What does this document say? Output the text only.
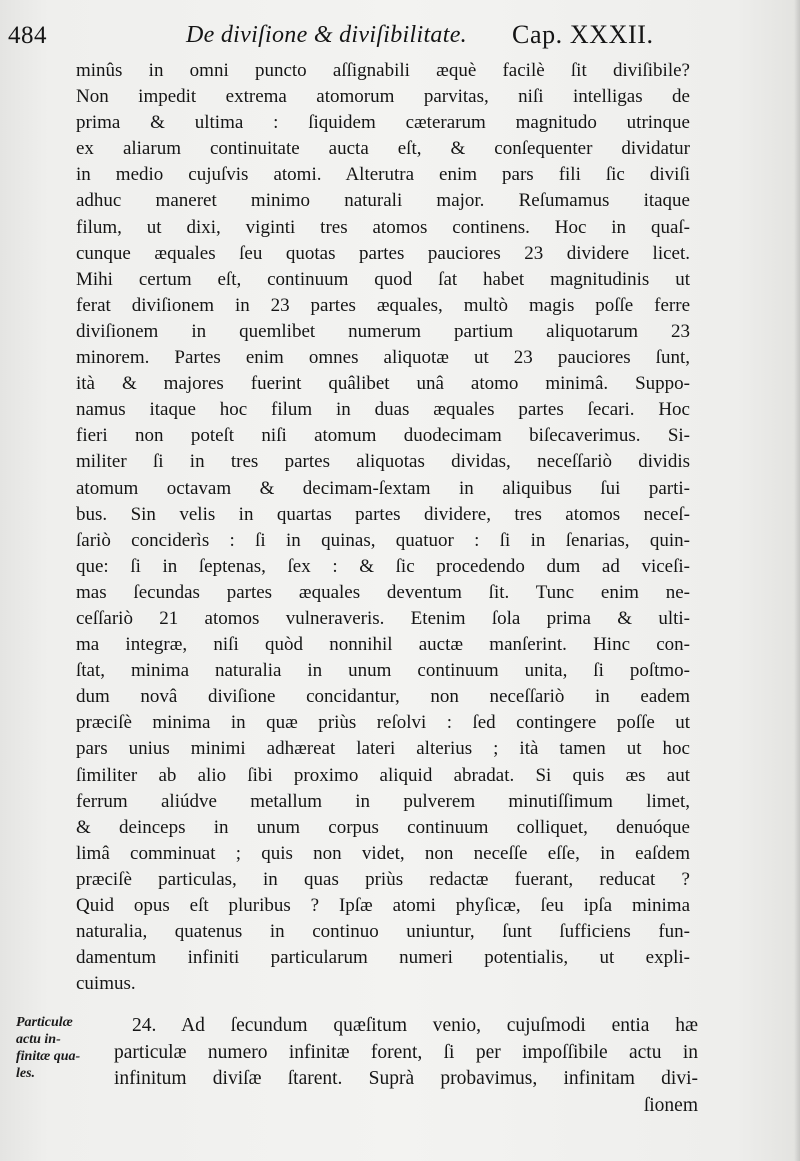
484	De diviſione & diviſibilitate. Cap. XXXII.
minûs in omni puncto aſſignabili æquè facilè ſit diviſibile?
Non impedit extrema atomorum parvitas, niſi intelligas de
prima & ultima : ſiquidem cæterarum magnitudo utrinque
ex aliarum continuitate aucta eſt, & conſequenter dividatur
in medio cujuſvis atomi. Alterutra enim pars fili ſic diviſi
adhuc maneret minimo naturali major. Reſumamus itaque
filum, ut dixi, viginti tres atomos continens. Hoc in quaſ-
cunque æquales ſeu quotas partes pauciores 23 dividere licet.
Mihi certum eſt, continuum quod ſat habet magnitudinis ut
ferat diviſionem in 23 partes æquales, multò magis poſſe ferre
diviſionem in quemlibet numerum partium aliquotarum 23
minorem. Partes enim omnes aliquotæ ut 23 pauciores ſunt,
ità & majores fuerint quâlibet unâ atomo minimâ. Suppo-
namus itaque hoc filum in duas æquales partes ſecari. Hoc
fieri non poteſt niſi atomum duodecimam biſecaverimus. Si-
militer ſi in tres partes aliquotas dividas, neceſſariò dividis
atomum octavam & decimam-ſextam in aliquibus ſui parti-
bus. Sin velis in quartas partes dividere, tres atomos neceſ-
ſariò conciderìs : ſi in quinas, quatuor : ſi in ſenarias, quin-
que: ſi in ſeptenas, ſex : & ſic procedendo dum ad viceſi-
mas ſecundas partes æquales deventum ſit. Tunc enim ne-
ceſſariò 21 atomos vulneraveris. Etenim ſola prima & ulti-
ma integræ, niſi quòd nonnihil auctæ manſerint. Hinc con-
ſtat, minima naturalia in unum continuum unita, ſi poſtmo-
dum novâ diviſione concidantur, non neceſſariò in eadem
præciſè minima in quæ priùs reſolvi : ſed contingere poſſe ut
pars unius minimi adhæreat lateri alterius ; ità tamen ut hoc
ſimiliter ab alio ſibi proximo aliquid abradat. Si quis æs aut
ferrum aliúdve metallum in pulverem minutiſſimum limet,
& deinceps in unum corpus continuum colliquet, denuóque
limâ comminuat ; quis non videt, non neceſſe eſſe, in eaſdem
præciſè particulas, in quas priùs redactæ fuerant, reducat ?
Quid opus eſt pluribus ? Ipſæ atomi phyſicæ, ſeu ipſa minima
naturalia, quatenus in continuo uniuntur, ſunt ſufficiens fun-
damentum infiniti particularum numeri potentialis, ut expli-
cuimus.
Particulæ
actu in-
finitæ qua-
les.
24. Ad ſecundum quæſitum venio, cujuſmodi entia hæ
particulæ numero infinitæ forent, ſi per impoſſibile actu in
infinitum diviſæ ſtarent. Suprà probavimus, infinitam divi-
ſionem
